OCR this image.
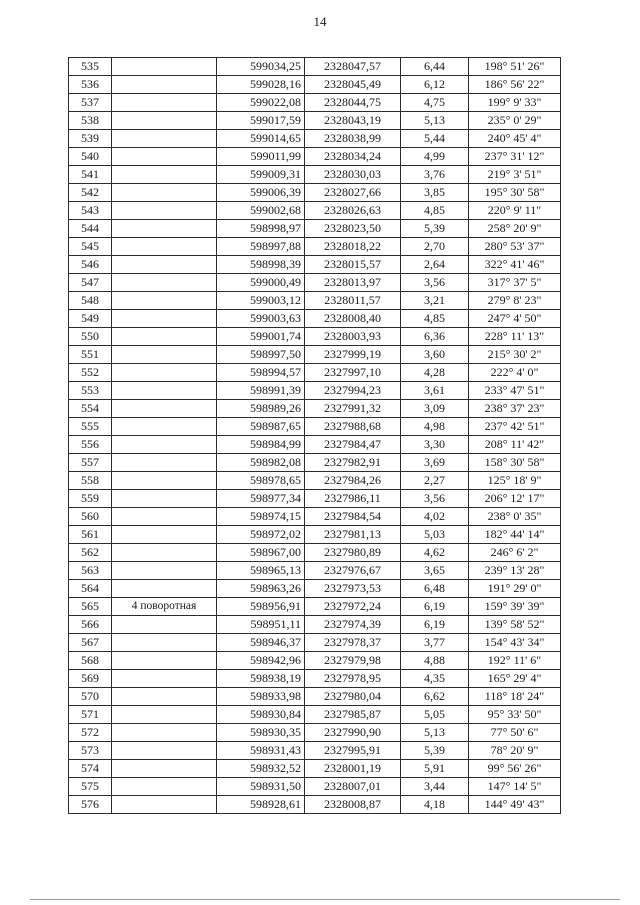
14
535		599034,25	2328047,57	6,44	198° 51' 26"
536		599028,16	2328045,49	6,12	186° 56' 22"
537		599022,08	2328044,75	4,75	199° 9' 33"
538		599017,59	2328043,19	5,13	235° 0' 29"
539		599014,65	2328038,99	5,44	240° 45' 4"
540		599011,99	2328034,24	4,99	237° 31' 12"
541		599009,31	2328030,03	3,76	219° 3' 51"
542		599006,39	2328027,66	3,85	195° 30' 58"
543		599002,68	2328026,63	4,85	220° 9' 11"
544		598998,97	2328023,50	5,39	258° 20' 9"
545		598997,88	2328018,22	2,70	280° 53' 37"
546		598998,39	2328015,57	2,64	322° 41' 46"
547		599000,49	2328013,97	3,56	317° 37' 5"
548		599003,12	2328011,57	3,21	279° 8' 23"
549		599003,63	2328008,40	4,85	247° 4' 50"
550		599001,74	2328003,93	6,36	228° 11' 13"
551		598997,50	2327999,19	3,60	215° 30' 2"
552		598994,57	2327997,10	4,28	222° 4' 0"
553		598991,39	2327994,23	3,61	233° 47' 51"
554		598989,26	2327991,32	3,09	238° 37' 23"
555		598987,65	2327988,68	4,98	237° 42' 51"
556		598984,99	2327984,47	3,30	208° 11' 42"
557		598982,08	2327982,91	3,69	158° 30' 58"
558		598978,65	2327984,26	2,27	125° 18' 9"
559		598977,34	2327986,11	3,56	206° 12' 17"
560		598974,15	2327984,54	4,02	238° 0' 35"
561		598972,02	2327981,13	5,03	182° 44' 14"
562		598967,00	2327980,89	4,62	246° 6' 2"
563		598965,13	2327976,67	3,65	239° 13' 28"
564		598963,26	2327973,53	6,48	191° 29' 0"
565	4 поворотная	598956,91	2327972,24	6,19	159° 39' 39"
566		598951,11	2327974,39	6,19	139° 58' 52"
567		598946,37	2327978,37	3,77	154° 43' 34"
568		598942,96	2327979,98	4,88	192° 11' 6"
569		598938,19	2327978,95	4,35	165° 29' 4"
570		598933,98	2327980,04	6,62	118° 18' 24"
571		598930,84	2327985,87	5,05	95° 33' 50"
572		598930,35	2327990,90	5,13	77° 50' 6"
573		598931,43	2327995,91	5,39	78° 20' 9"
574		598932,52	2328001,19	5,91	99° 56' 26"
575		598931,50	2328007,01	3,44	147° 14' 5"
576		598928,61	2328008,87	4,18	144° 49' 43"
